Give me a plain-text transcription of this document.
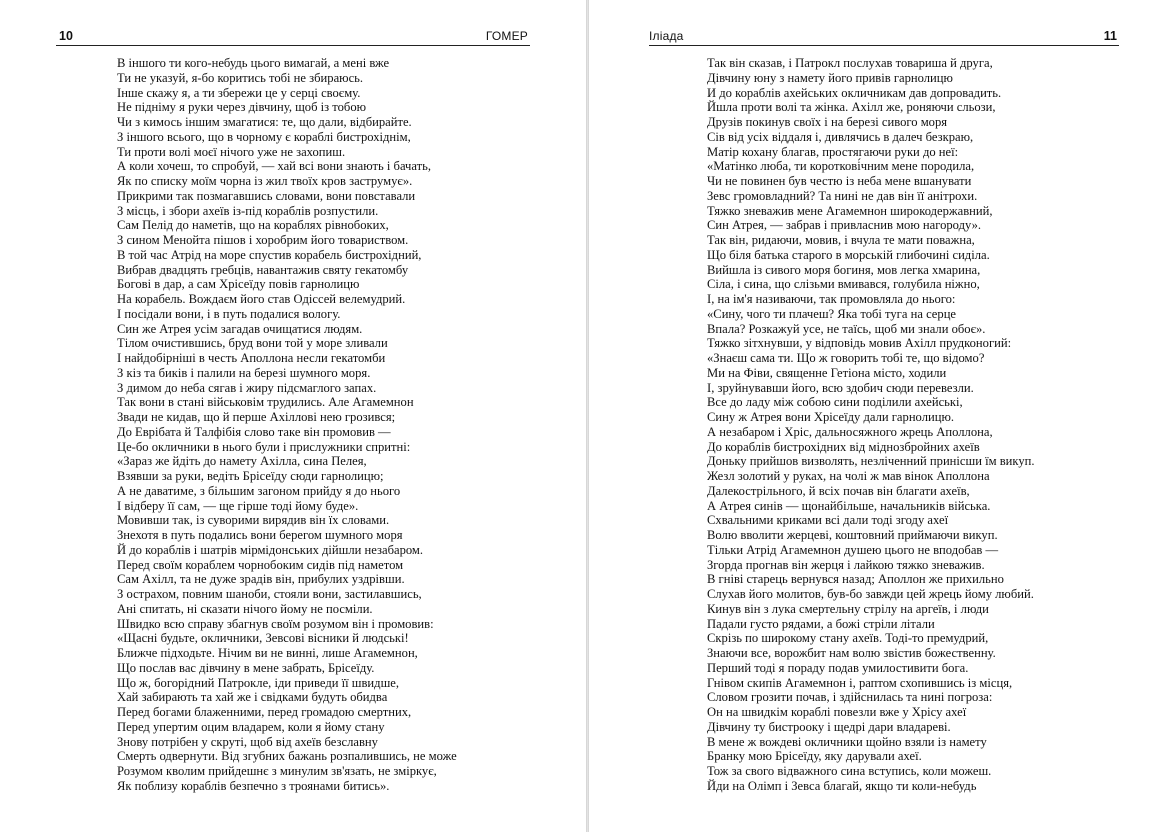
10	ГОМЕР
В іншого ти кого-небудь цього вимагай, а мені вже
Ти не указуй, я-бо коритись тобі не збираюсь.
Інше скажу я, а ти збережи це у серці своєму.
Не підніму я руки через дівчину, щоб із тобою
Чи з кимось іншим змагатися: те, що дали, відбирайте.
З іншого всього, що в чорному є кораблі бистрохіднім,
Ти проти волі моєї нічого уже не захопиш.
А коли хочеш, то спробуй, — хай всі вони знають і бачать,
Як по списку моїм чорна із жил твоїх кров заструмує».
Прикрими так позмагавшись словами, вони повставали
З місць, і збори ахеїв із-під кораблів розпустили.
Сам Пелід до наметів, що на кораблях рівнобоких,
З сином Менойта пішов і хоробрим його товариством.
В той час Атрід на море спустив корабель бистрохідний,
Вибрав двадцять гребців, навантажив святу гекатомбу
Богові в дар, а сам Хрісеїду повів гарнолицю
На корабель. Вождаєм його став Одіссей велемудрий.
І посідали вони, і в путь подалися вологу.
Син же Атрея усім загадав очищатися людям.
Тілом очистившись, бруд вони той у море зливали
І найдобірніші в честь Аполлона несли гекатомби
З кіз та биків і палили на березі шумного моря.
З димом до неба сягав і жиру підсмаглого запах.
Так вони в стані військовім трудились. Але Агамемнон
Звади не кидав, що й перше Ахіллові нею грозився;
До Еврібата й Талфібія слово таке він промовив —
Це-бо окличники в нього були і прислужники спритні:
«Зараз же йдіть до намету Ахілла, сина Пелея,
Взявши за руки, ведіть Брісеїду сюди гарнолицю;
А не даватиме, з більшим загоном прийду я до нього
І відберу її сам, — ще гірше тоді йому буде».
Мовивши так, із суворими вирядив він їх словами.
Знехотя в путь подались вони берегом шумного моря
Й до кораблів і шатрів мірмідонських дійшли незабаром.
Перед своїм кораблем чорнобоким сидів під наметом
Сам Ахілл, та не дуже зрадів він, прибулих уздрівши.
З острахом, повним шаноби, стояли вони, застилавшись,
Ані спитать, ні сказати нічого йому не посміли.
Швидко всю справу збагнув своїм розумом він і промовив:
«Щасні будьте, окличники, Зевсові вісники й людські!
Ближче підходьте. Нічим ви не винні, лише Агамемнон,
Що послав вас дівчину в мене забрать, Брісеїду.
Що ж, богорідний Патрокле, іди приведи її швидше,
Хай забирають та хай же і свідками будуть обидва
Перед богами блаженними, перед громадою смертних,
Перед упертим оцим владарем, коли я йому стану
Знову потрібен у скруті, щоб від ахеїв безславну
Смерть одвернути. Від згубних бажань розпалившись, не може
Розумом кволим прийдешнє з минулим зв'язать, не зміркує,
Як поблизу кораблів безпечно з троянами битись».
Іліада	11
Так він сказав, і Патрокл послухав товариша й друга,
Дівчину юну з намету його привів гарнолицю
И до кораблів ахейських окличникам дав допровадить.
Йшла проти волі та жінка. Ахілл же, роняючи сльози,
Друзів покинув своїх і на березі сивого моря
Сів від усіх віддаля і, дивлячись в далеч безкраю,
Матір кохану благав, простягаючи руки до неї:
«Матінко люба, ти короткові́чним мене породила,
Чи не повинен був честю із неба мене вшанувати
Зевс громовладний? Та нині не дав він її анітрохи.
Тяжко зневажив мене Агамемнон широкодержавний,
Син Атрея, — забрав і привласнив мою нагороду».
Так він, ридаючи, мовив, і вчула те мати поважна,
Що біля батька старого в морській глибочині сиділа.
Вийшла із сивого моря богиня, мов легка хмарина,
Сіла, і сина, що слізьми вмивався, голубила ніжно,
І, на ім'я називаючи, так промовляла до нього:
«Сину, чого ти плачеш? Яка тобі туга на серце
Впала? Розкажуй усе, не таїсь, щоб ми знали обоє».
Тяжко зітхнувши, у відповідь мовив Ахілл прудконогий:
«Знаєш сама ти. Що ж говорить тобі те, що відомо?
Ми на Фіви, священне Гетіона місто, ходили
І, зруйнувавши його, всю здобич сюди перевезли.
Все до ладу між собою сини поділили ахейські,
Сину ж Атрея вони Хрісеїду дали гарнолицю.
А незабаром і Хріс, дальносяжного жрець Аполлона,
До кораблів бистрохідних від міднозбройних ахеїв
Доньку прийшов визволять, незліченний принісши їм викуп.
Жезл золотий у руках, на чолі ж мав вінок Аполлона
Далекострільного, й всіх почав він благати ахеїв,
А Атрея синів — щонайбільше, начальників війська.
Схвальними криками всі дали тоді згоду ахеї
Волю вволити жерцеві, коштовний приймаючи викуп.
Тільки Атрід Агамемнон душею цього не вподобав —
Згорда прогнав він жерця і лайкою тяжко зневажив.
В гніві старець вернувся назад; Аполлон же прихильно
Слухав його молитов, був-бо завжди цей жрець йому любий.
Кинув він з лука смертельну стрілу на аргеїв, і люди
Падали густо рядами, а божі стріли літали
Скрізь по широкому стану ахеїв. Тоді-то премудрий,
Знаючи все, ворожбит нам волю звістив божественну.
Перший тоді я пораду подав умилостивити бога.
Гнівом скипів Агамемнон і, раптом схопившись із місця,
Словом грозити почав, і здійснилась та нині погроза:
Он на швидкім кораблі повезли вже у Хрісу ахеї
Дівчину ту бистрооку і щедрі дари владареві.
В мене ж вождеві окличники щойно взяли із намету
Бранку мою Брісеїду, яку дарували ахеї.
Тож за свого відважного сина вступись, коли можеш.
Йди на Олімп і Зевса благай, якщо ти коли-небудь
